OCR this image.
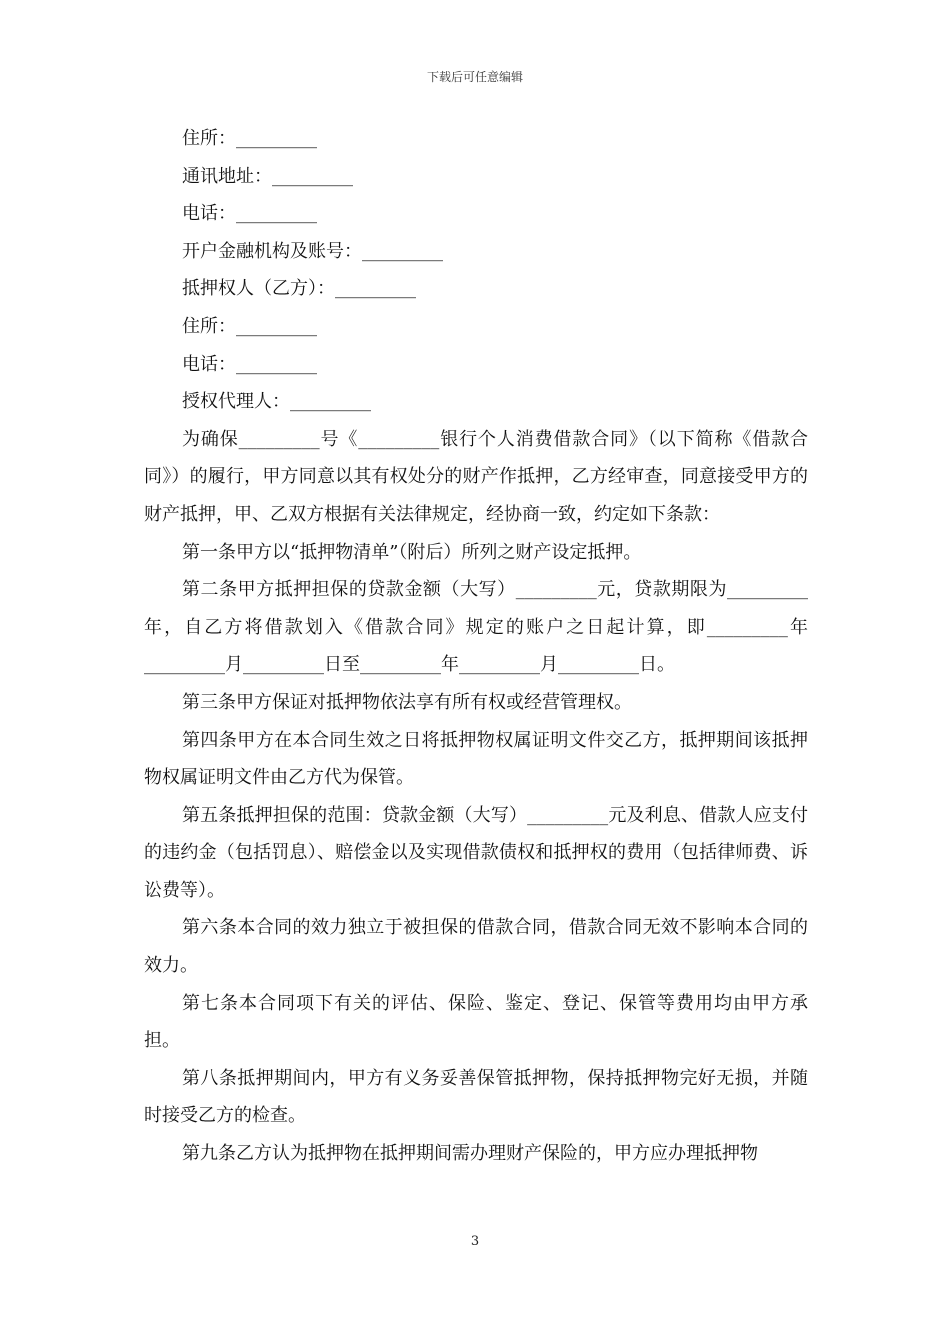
下载后可任意编辑
住所：_________
通讯地址：_________
电话：_________
开户金融机构及账号：_________
抵押权人（乙方）：_________
住所：_________
电话：_________
授权代理人：_________

为确保_________号《_________银行个人消费借款合同》（以下简称《借款合同》）的履行，甲方同意以其有权处分的财产作抵押，乙方经审查，同意接受甲方的财产抵押，甲、乙双方根据有关法律规定，经协商一致，约定如下条款：

第一条甲方以“抵押物清单”（附后）所列之财产设定抵押。

第二条甲方抵押担保的贷款金额（大写）_________元，贷款期限为_________年，自乙方将借款划入《借款合同》规定的账户之日起计算，即_________年_________月_________日至_________年_________月_________日。

第三条甲方保证对抵押物依法享有所有权或经营管理权。

第四条甲方在本合同生效之日将抵押物权属证明文件交乙方，抵押期间该抵押物权属证明文件由乙方代为保管。

第五条抵押担保的范围：贷款金额（大写）_________元及利息、借款人应支付的违约金（包括罚息）、赔偿金以及实现借款债权和抵押权的费用（包括律师费、诉讼费等）。

第六条本合同的效力独立于被担保的借款合同，借款合同无效不影响本合同的效力。

第七条本合同项下有关的评估、保险、鉴定、登记、保管等费用均由甲方承担。

第八条抵押期间内，甲方有义务妥善保管抵押物，保持抵押物完好无损，并随时接受乙方的检查。

第九条乙方认为抵押物在抵押期间需办理财产保险的，甲方应办理抵押物

3
